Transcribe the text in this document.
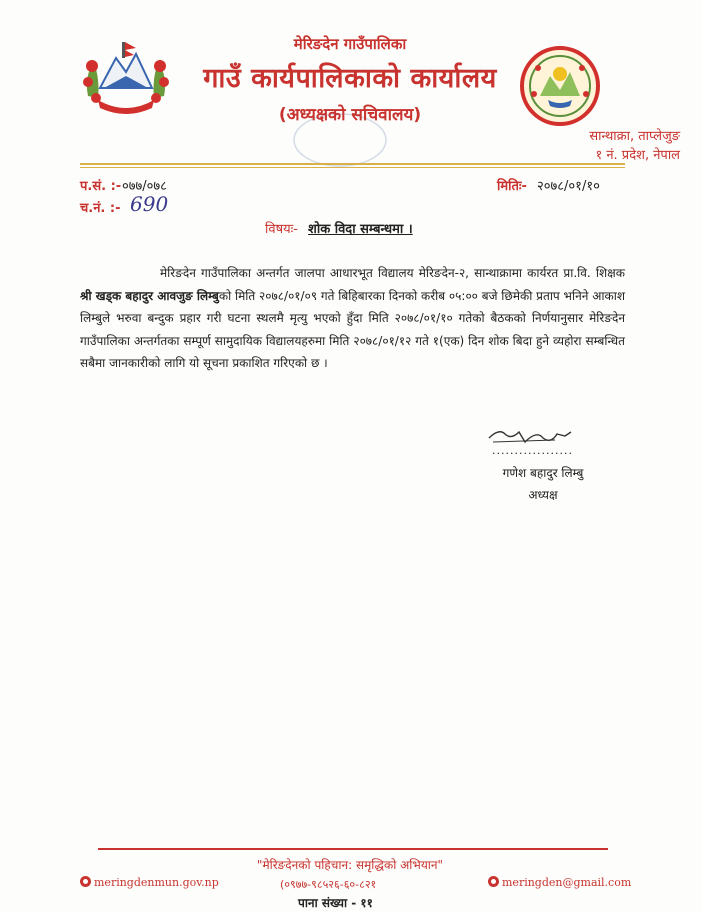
मेरिङदेन गाउँपालिका
गाउँ कार्यपालिकाको कार्यालय
(अध्यक्षको सचिवालय)
सान्थाक्रा, ताप्लेजुङ
१ नं. प्रदेश, नेपाल
प.सं. :- ०७७/०७८
च.नं. :- 690
मितिः- २०७८/०१/१०
विषयः- शोक विदा सम्बन्धमा ।
मेरिङदेन गाउँपालिका अन्तर्गत जालपा आधारभूत विद्यालय मेरिङदेन-२, सान्थाक्रामा कार्यरत प्रा.वि. शिक्षक श्री खड्क बहादुर आवजुङ लिम्बुको मिति २०७८/०१/०९ गते बिहिबारका दिनको करीब ०५:०० बजे छिमेकी प्रताप भनिने आकाश लिम्बुले भरुवा बन्दुक प्रहार गरी घटना स्थलमै मृत्यु भएको हुँदा मिति २०७८/०१/१० गतेको बैठकको निर्णयानुसार मेरिङदेन गाउँपालिका अन्तर्गतका सम्पूर्ण सामुदायिक विद्यालयहरुमा मिति २०७८/०१/१२ गते १(एक) दिन शोक बिदा हुने व्यहोरा सम्बन्धित सबैमा जानकारीको लागि यो सूचना प्रकाशित गरिएको छ ।
..................
गणेश बहादुर लिम्बु
अध्यक्ष
"मेरिङदेनको पहिचान: समृद्धिको अभियान"
meringdenmun.gov.np	(०९७७-९८५२६-६०-८२१	meringden@gmail.com
पाना संख्या - ११
